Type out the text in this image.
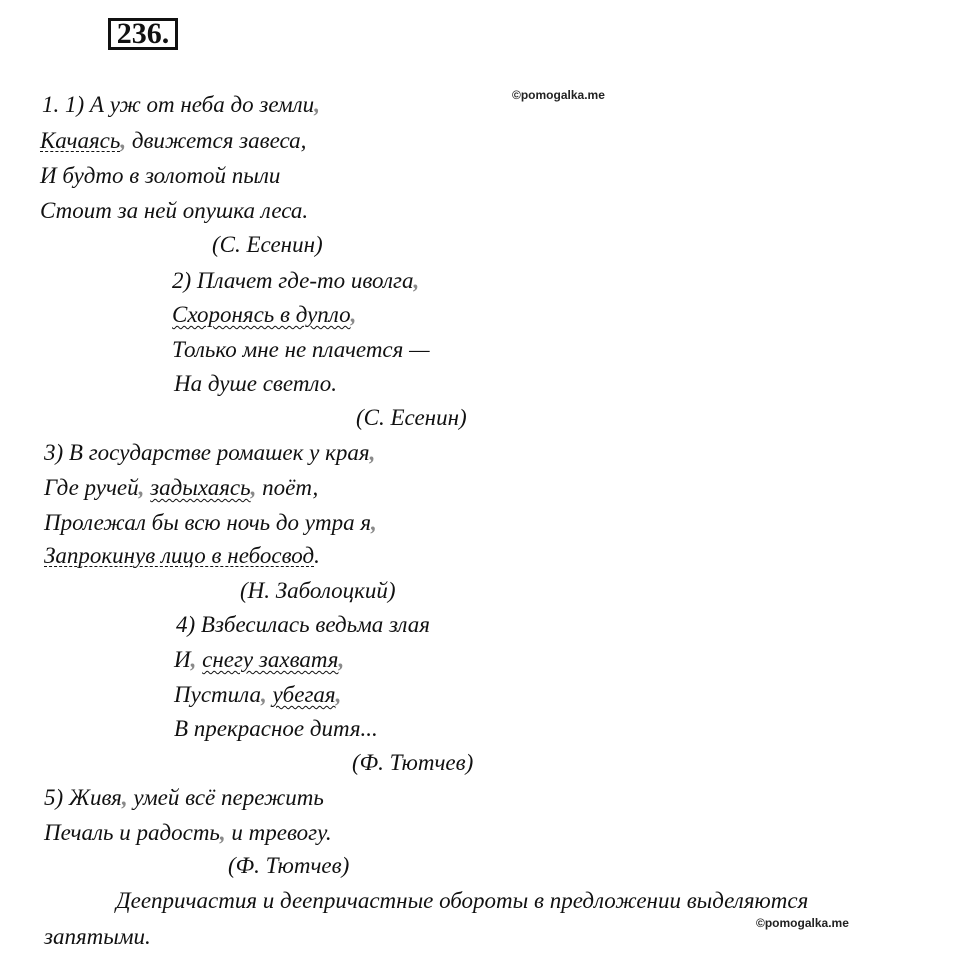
236.
©pomogalka.me
1. 1) А уж от неба до земли,
Качаясь, движется завеса,
И будто в золотой пыли
Стоит за ней опушка леса.
(С. Есенин)
2) Плачет где-то иволга,
Схоронясь в дупло,
Только мне не плачется —
На душе светло.
(С. Есенин)
3) В государстве ромашек у края,
Где ручей, задыхаясь, поёт,
Пролежал бы всю ночь до утра я,
Запрокинув лицо в небосвод.
(Н. Заболоцкий)
4) Взбесилась ведьма злая
И, снегу захватя,
Пустила, убегая,
В прекрасное дитя...
(Ф. Тютчев)
5) Живя, умей всё пережить
Печаль и радость, и тревогу.
(Ф. Тютчев)
Деепричастия и деепричастные обороты в предложении выделяются
©pomogalka.me
запятыми.
